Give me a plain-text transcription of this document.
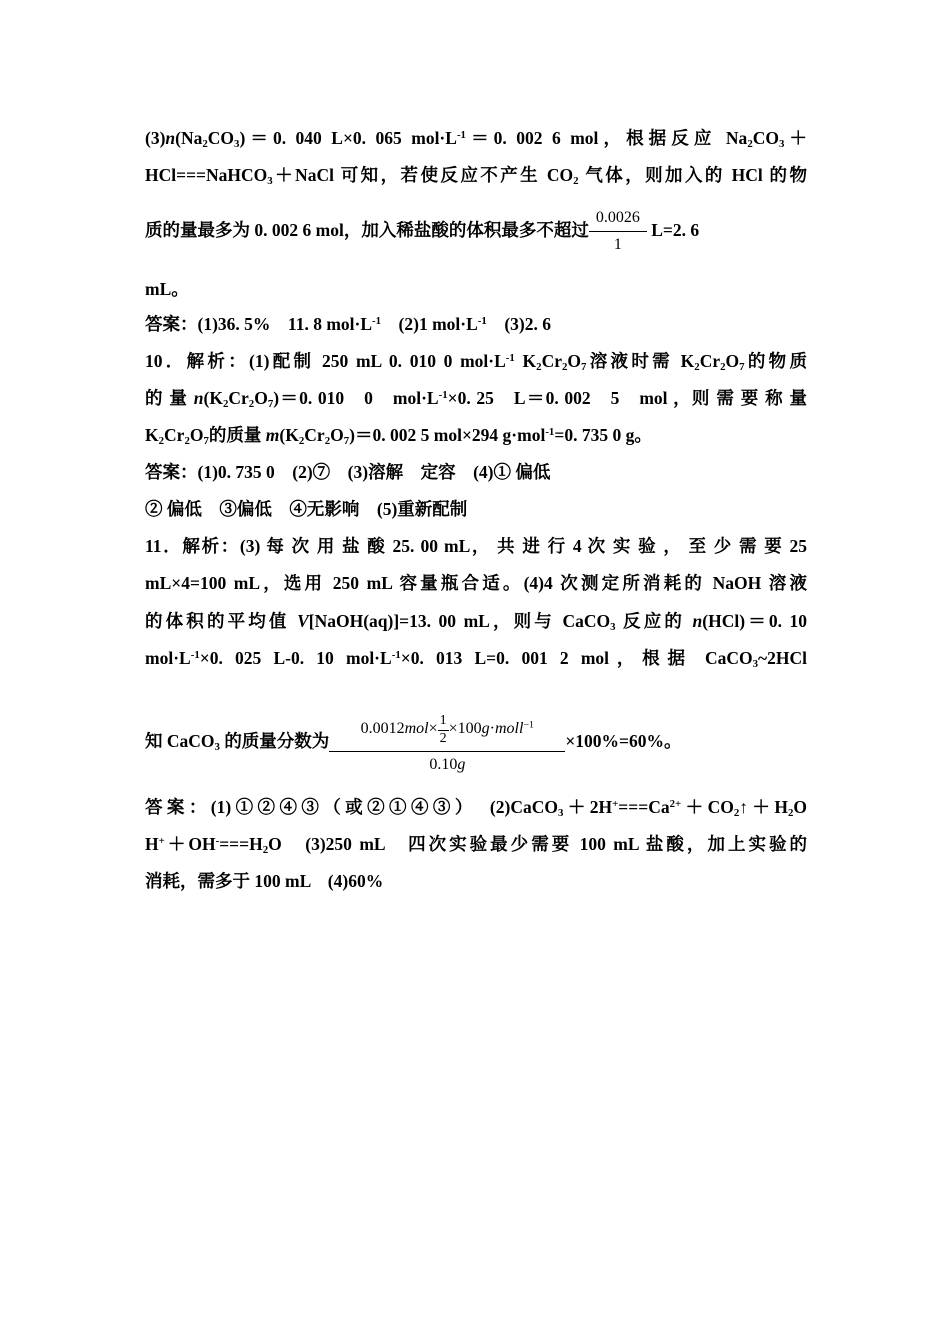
$(3)n(Na_2CO_3)=0$. 040 L×0. 065 $mol\cdot L^{-1}=0$. 002 6 mol，根据反应 $Na_2CO_3+$
HCl===NaHCO$_3$＋NaCl 可知，若使反应不产生 $CO_2$ 气体，则加入的 HCl 的物
质的量最多为 0. 002 6 mol，加入稀盐酸的体积最多不超过 $\frac{0.0026}{1} L=2$. 6
mL。
答案：(1)36. 5%　11. 8 $mol\cdot L^{-1}$　(2)1 $mol\cdot L^{-1}$　(3)2. 6
10．解析：(1)配制 250 mL 0. 010 0 $mol\cdot L^{-1}$ $K_2Cr_2O_7$溶液时需 $K_2Cr_2O_7$的物质
的 量 $n(K_2Cr_2O_7)=0$. 010　0　$mol\cdot L^{-1}\times 0$. 25　L＝0. 002　5　mol ，则 需 要 称 量
$K_2Cr_2O_7$的质量 $m(K_2Cr_2O_7)=0$. 002 5 mol×294 g·mol$^{-1}$=0. 735 0 g。
答案：(1)0. 735 0　(2)⑦　(3)溶解　定容　(4)① 偏低
② 偏低　③偏低　④无影响　(5)重新配制
11．解析：(3) 每 次 用 盐 酸 25. 00 mL， 共 进 行 4 次 实 验 ， 至 少 需 要 25
mL×4=100 mL，选用 250 mL 容量瓶合适。(4)4 次测定所消耗的 NaOH 溶液
的体积的平均值 V[NaOH(aq)]=13. 00 mL，则与 CaCO$_3$ 反应的 n(HCl)＝0. 10
$mol\cdot L^{-1}\times 0$. 025 L-0. 10 $mol\cdot L^{-1}\times 0$. 013 L=0. 001 2 mol，根据 CaCO$_3$~2HCl
知 CaCO$_3$ 的质量分数为 $\frac{0.0012mol\times \frac{1}{2} \times 100g\cdot moll^{-1}}{0.10g} \times 100\%=60\%$。
答案：(1)①②④③（或②①④③）　$(2)CaCO_3+2H^+===Ca^{2+}+CO_2↑+H_2O$
$H^++OH^-===H_2O$　(3)250 mL　四次实验最少需要 100 mL 盐酸，加上实验的
消耗，需多于 100 mL　(4)60%
